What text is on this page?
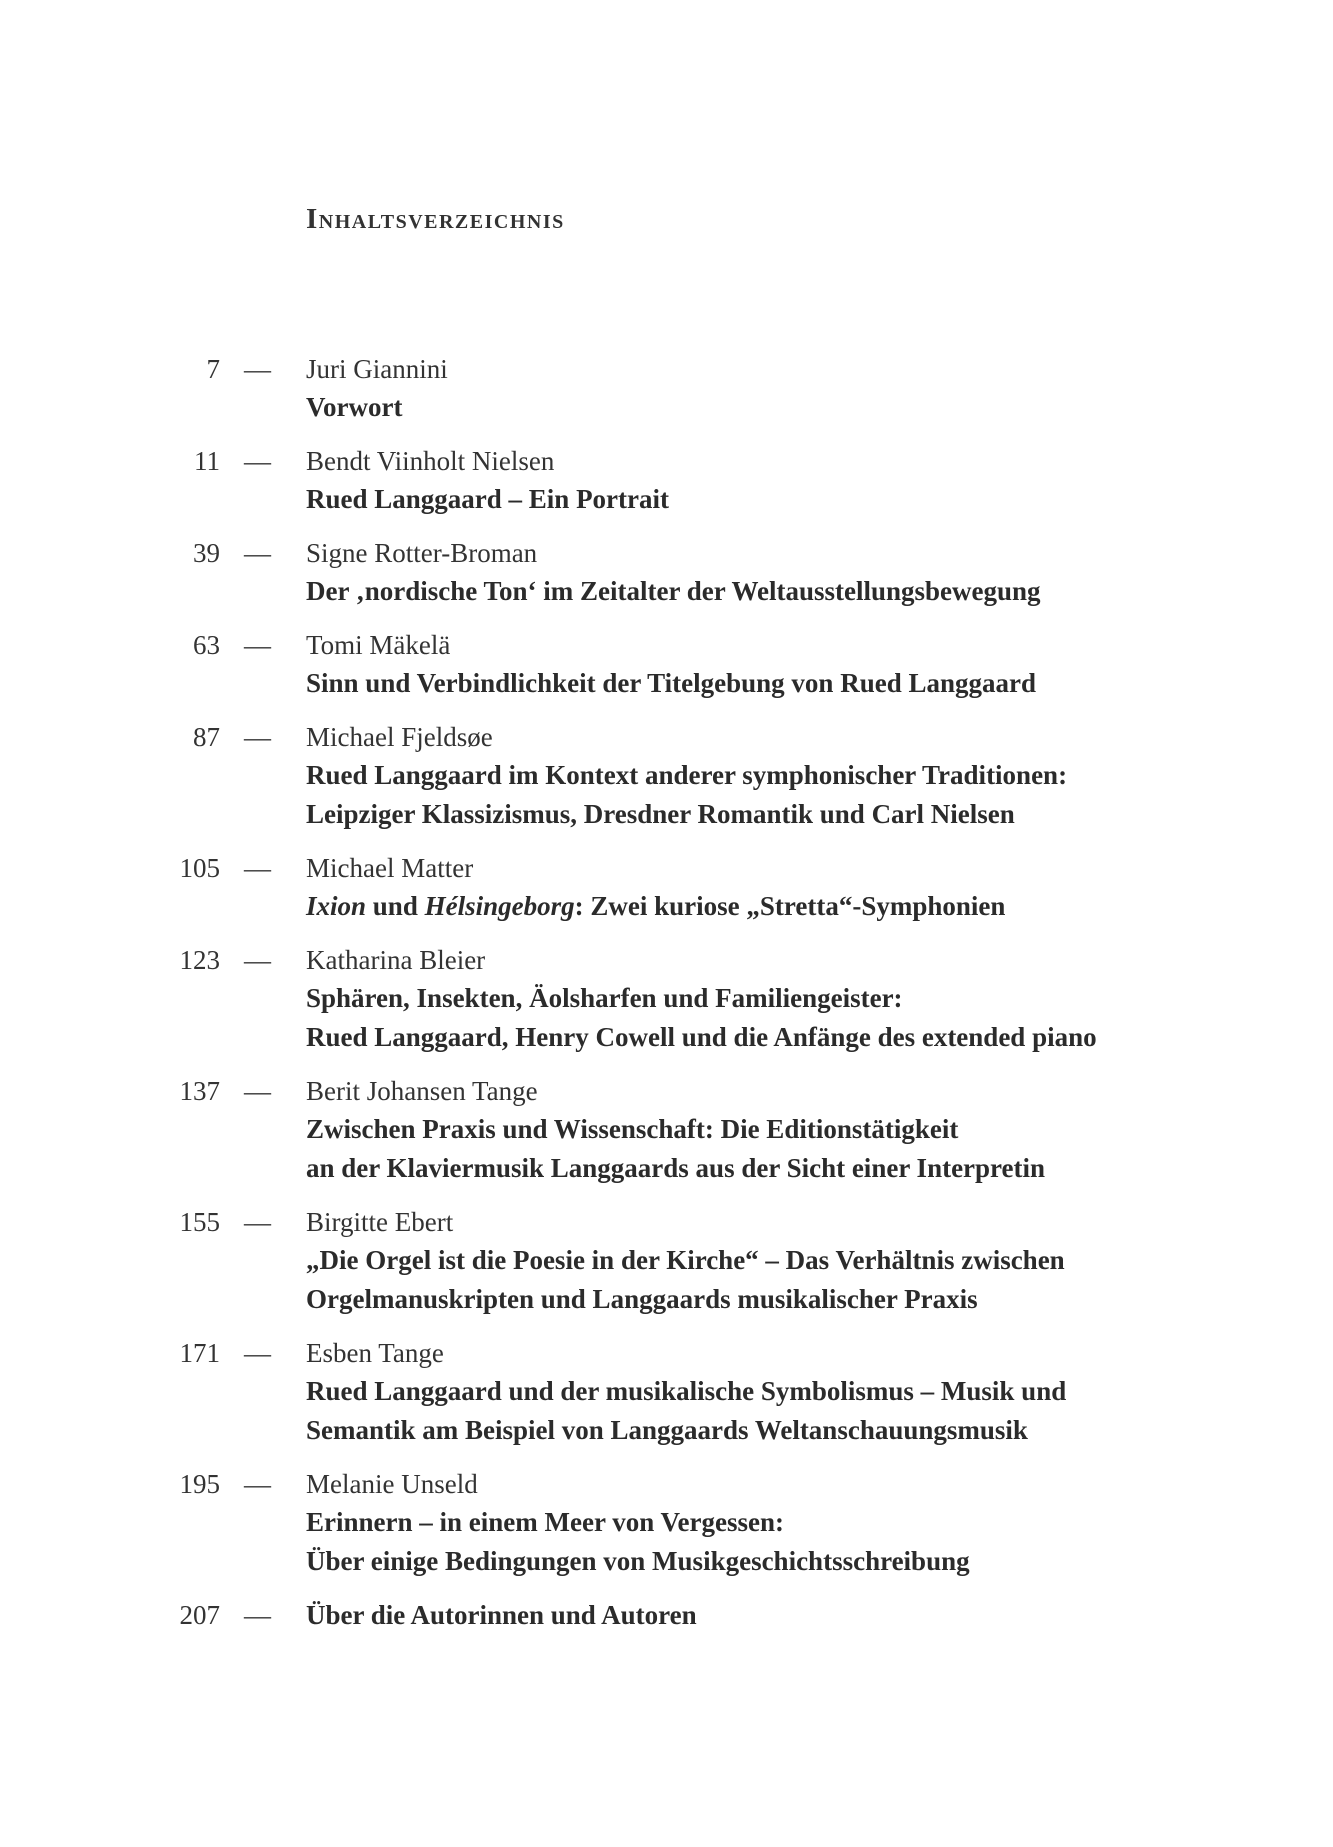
Inhaltsverzeichnis
7 — Juri Giannini
Vorwort
11 — Bendt Viinholt Nielsen
Rued Langgaard – Ein Portrait
39 — Signe Rotter-Broman
Der ‚nordische Ton‘ im Zeitalter der Weltausstellungsbewegung
63 — Tomi Mäkelä
Sinn und Verbindlichkeit der Titelgebung von Rued Langgaard
87 — Michael Fjeldsøe
Rued Langgaard im Kontext anderer symphonischer Traditionen:
Leipziger Klassizismus, Dresdner Romantik und Carl Nielsen
105 — Michael Matter
Ixion und Hélsingeborg: Zwei kuriose „Stretta“-Symphonien
123 — Katharina Bleier
Sphären, Insekten, Äolsharfen und Familiengeister:
Rued Langgaard, Henry Cowell und die Anfänge des extended piano
137 — Berit Johansen Tange
Zwischen Praxis und Wissenschaft: Die Editionstätigkeit
an der Klaviermusik Langgaards aus der Sicht einer Interpretin
155 — Birgitte Ebert
„Die Orgel ist die Poesie in der Kirche“ – Das Verhältnis zwischen
Orgelmanuskripten und Langgaards musikalischer Praxis
171 — Esben Tange
Rued Langgaard und der musikalische Symbolismus – Musik und
Semantik am Beispiel von Langgaards Weltanschauungsmusik
195 — Melanie Unseld
Erinnern – in einem Meer von Vergessen:
Über einige Bedingungen von Musikgeschichtsschreibung
207 — Über die Autorinnen und Autoren
